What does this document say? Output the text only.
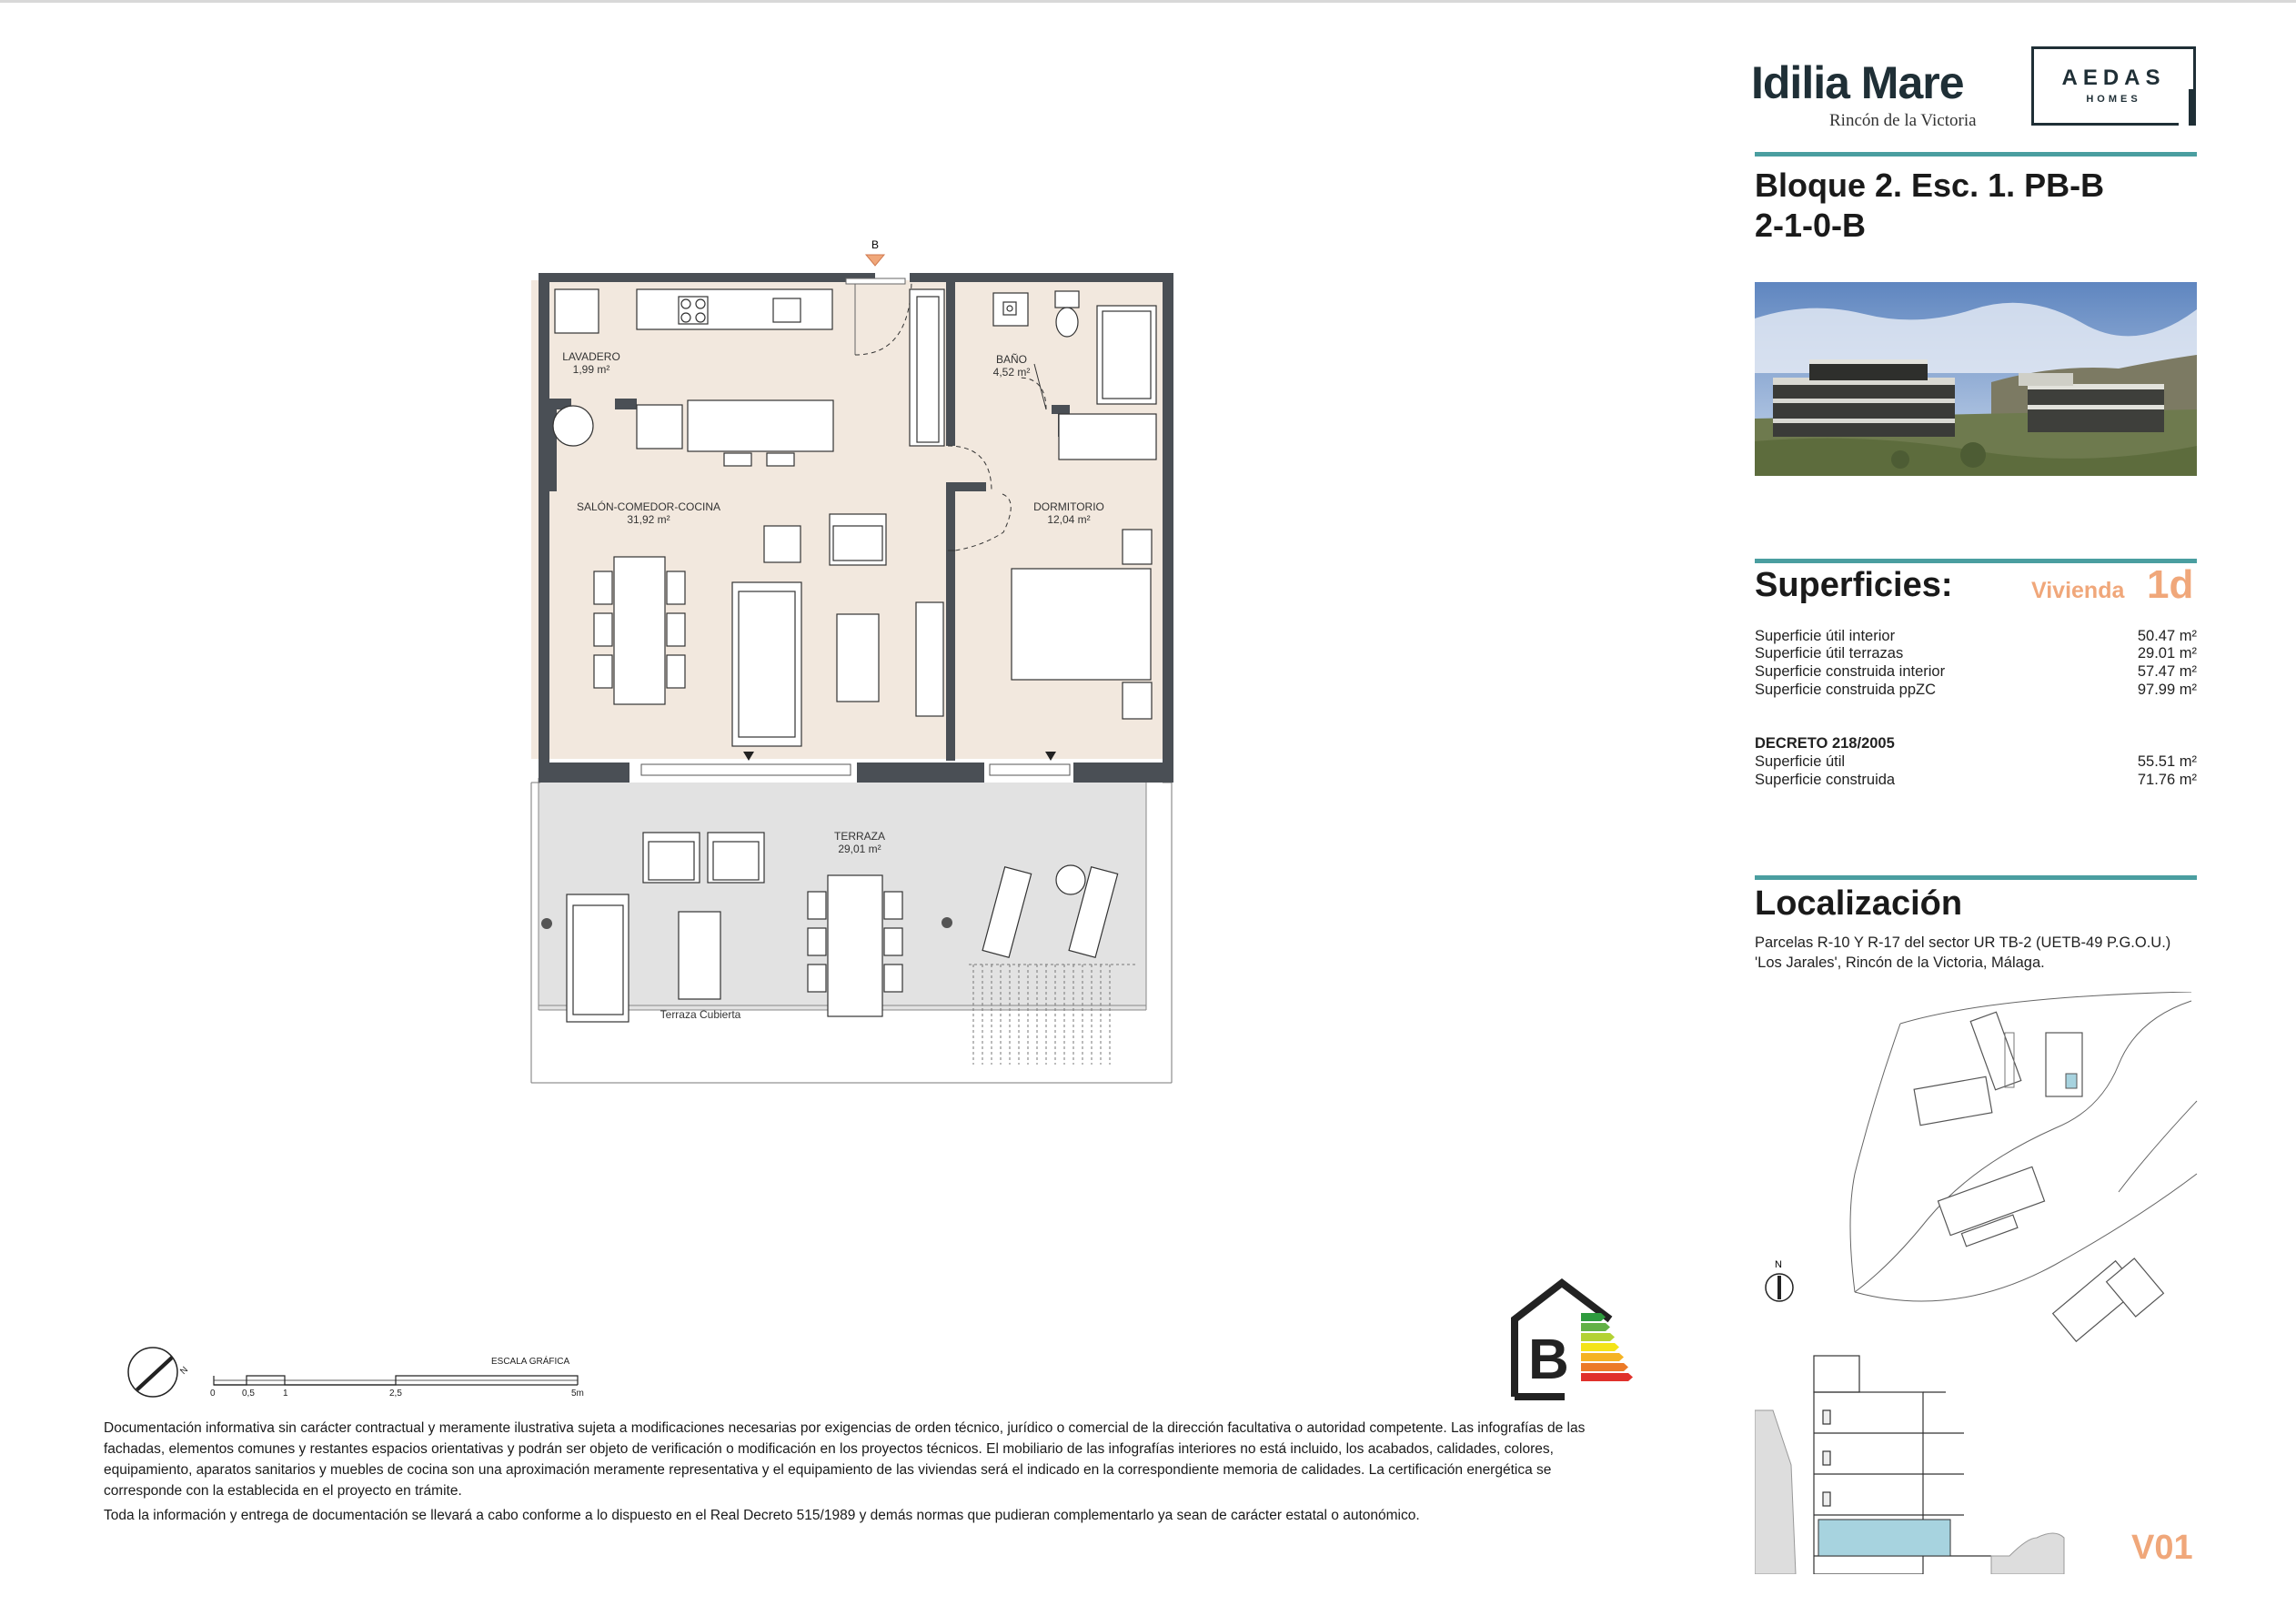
Idilia Mare
Rincón de la Victoria
AEDAS
HOMES
Bloque 2. Esc. 1. PB-B
2-1-0-B
Superficies:	Vivienda 1d
Superficie útil interior	50.47 m²
Superficie útil terrazas	29.01 m²
Superficie construida interior	57.47 m²
Superficie construida ppZC	97.99 m²
DECRETO 218/2005
Superficie útil	55.51 m²
Superficie construida	71.76 m²
Localización
Parcelas R-10 Y R-17 del sector UR TB-2 (UETB-49 P.G.O.U.)
'Los Jarales', Rincón de la Victoria, Málaga.
N
V01
B
LAVADERO
1,99 m²
BAÑO
4,52 m²
SALÓN-COMEDOR-COCINA
31,92 m²
DORMITORIO
12,04 m²
TERRAZA
29,01 m²
Terraza Cubierta
N
ESCALA GRÁFICA
0	0,5	1	2,5	5m
B
Documentación informativa sin carácter contractual y meramente ilustrativa sujeta a modificaciones necesarias por exigencias de orden técnico, jurídico o comercial de la dirección facultativa o autoridad competente. Las infografías de las fachadas, elementos comunes y restantes espacios orientativas y podrán ser objeto de verificación o modificación en los proyectos técnicos. El mobiliario de las infografías interiores no está incluido, los acabados, calidades, colores, equipamiento, aparatos sanitarios y muebles de cocina son una aproximación meramente representativa y el equipamiento de las viviendas será el indicado en la correspondiente memoria de calidades. La certificación energética se corresponde con la establecida en el proyecto en trámite.
Toda la información y entrega de documentación se llevará a cabo conforme a lo dispuesto en el Real Decreto 515/1989 y demás normas que pudieran complementarlo ya sean de carácter estatal o autonómico.
